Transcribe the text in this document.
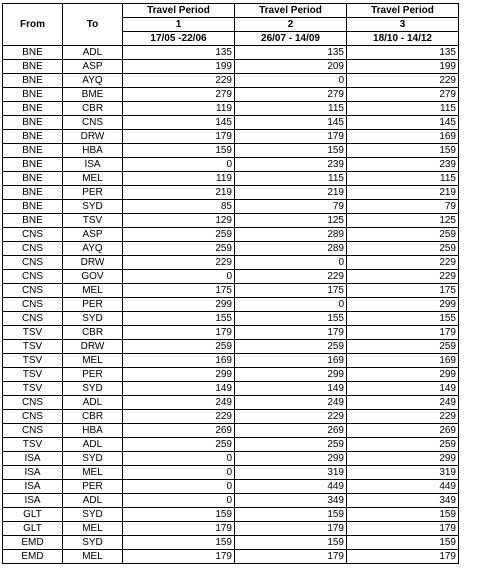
From	To	Travel Period	Travel Period	Travel Period
		1	2	3
		17/05 -22/06	26/07 - 14/09	18/10 - 14/12
BNE	ADL	135	135	135
BNE	ASP	199	209	199
BNE	AYQ	229	0	229
BNE	BME	279	279	279
BNE	CBR	119	115	115
BNE	CNS	145	145	145
BNE	DRW	179	179	169
BNE	HBA	159	159	159
BNE	ISA	0	239	239
BNE	MEL	119	115	115
BNE	PER	219	219	219
BNE	SYD	85	79	79
BNE	TSV	129	125	125
CNS	ASP	259	289	259
CNS	AYQ	259	289	259
CNS	DRW	229	0	229
CNS	GOV	0	229	229
CNS	MEL	175	175	175
CNS	PER	299	0	299
CNS	SYD	155	155	155
TSV	CBR	179	179	179
TSV	DRW	259	259	259
TSV	MEL	169	169	169
TSV	PER	299	299	299
TSV	SYD	149	149	149
CNS	ADL	249	249	249
CNS	CBR	229	229	229
CNS	HBA	269	269	269
TSV	ADL	259	259	259
ISA	SYD	0	299	299
ISA	MEL	0	319	319
ISA	PER	0	449	449
ISA	ADL	0	349	349
GLT	SYD	159	159	159
GLT	MEL	179	179	179
EMD	SYD	159	159	159
EMD	MEL	179	179	179
